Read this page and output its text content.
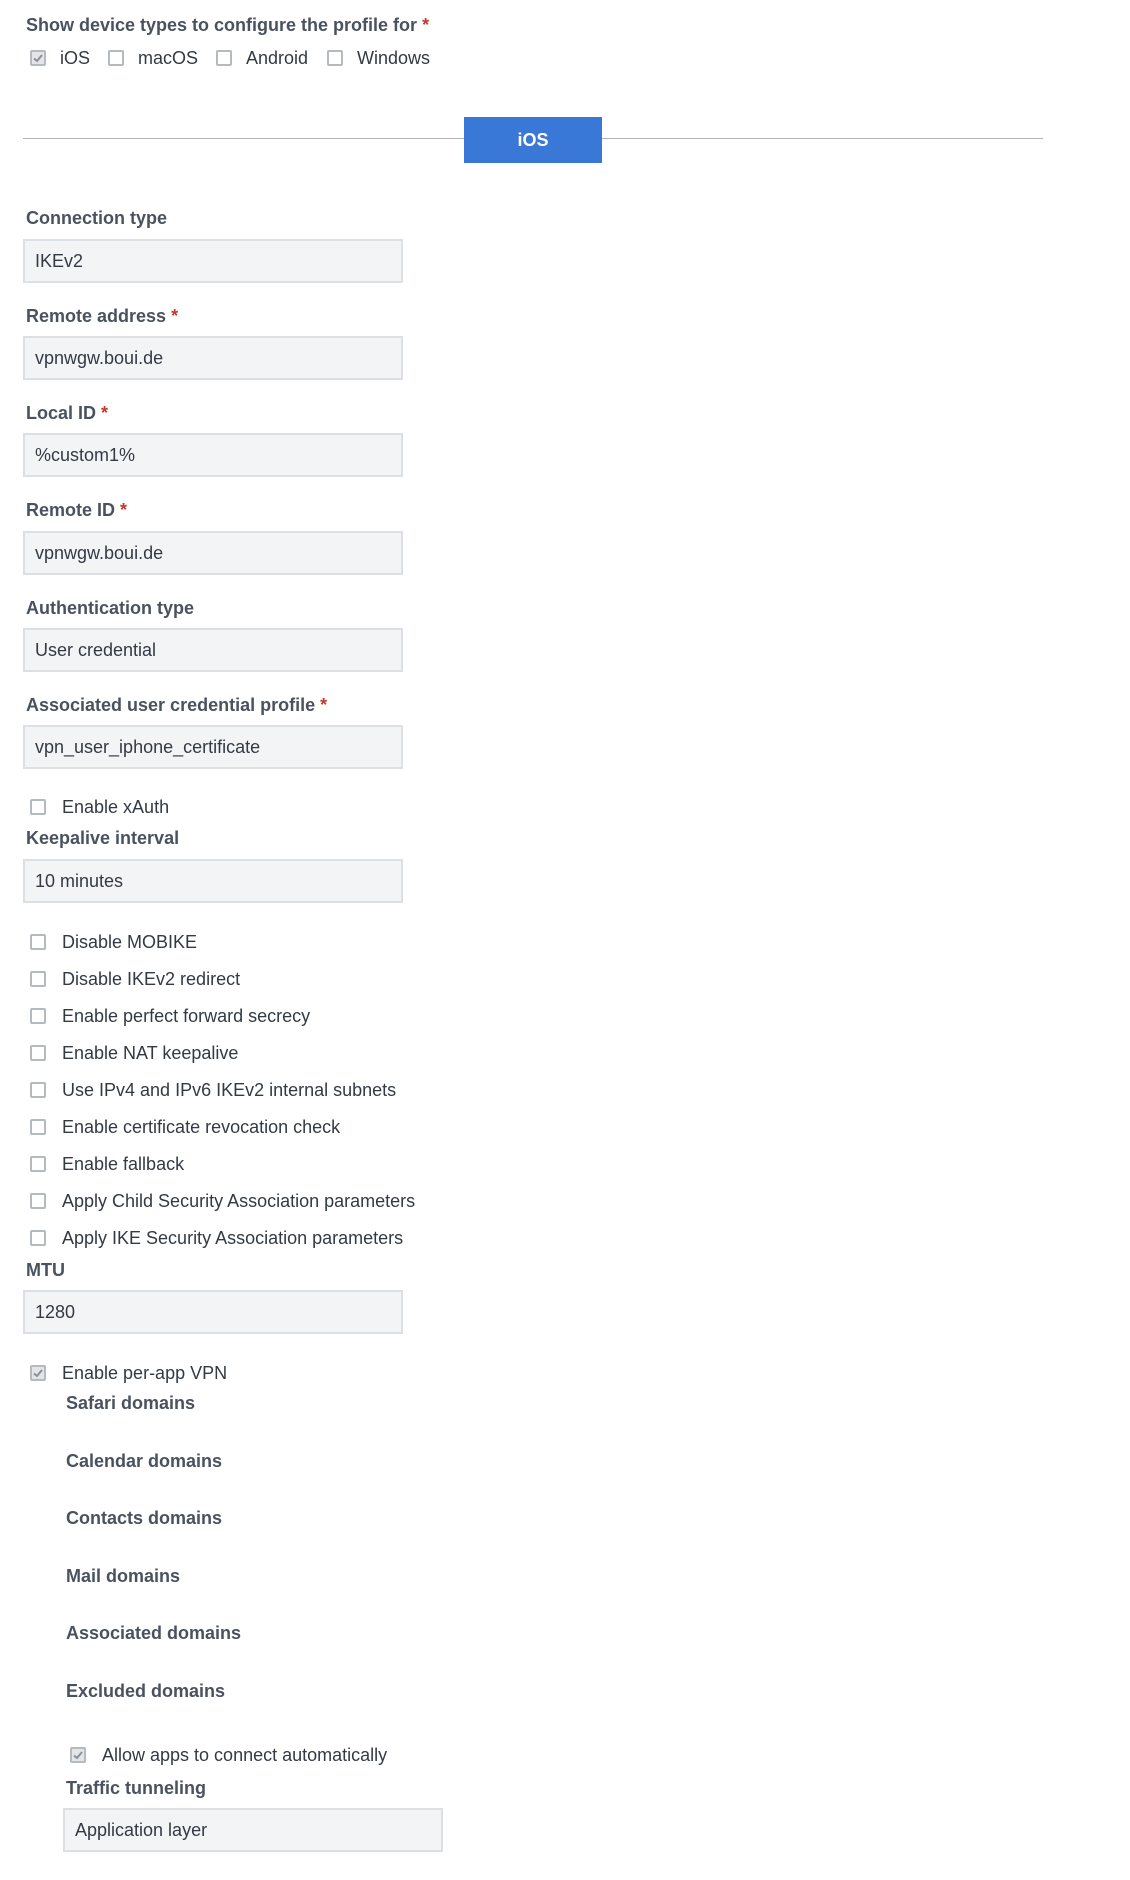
Show device types to configure the profile for *
iOS	macOS	Android	Windows
iOS
Connection type
IKEv2
Remote address *
vpnwgw.boui.de
Local ID *
%custom1%
Remote ID *
vpnwgw.boui.de
Authentication type
User credential
Associated user credential profile *
vpn_user_iphone_certificate
Enable xAuth
Keepalive interval
10 minutes
Disable MOBIKE
Disable IKEv2 redirect
Enable perfect forward secrecy
Enable NAT keepalive
Use IPv4 and IPv6 IKEv2 internal subnets
Enable certificate revocation check
Enable fallback
Apply Child Security Association parameters
Apply IKE Security Association parameters
MTU
1280
Enable per-app VPN
Safari domains
Calendar domains
Contacts domains
Mail domains
Associated domains
Excluded domains
Allow apps to connect automatically
Traffic tunneling
Application layer
